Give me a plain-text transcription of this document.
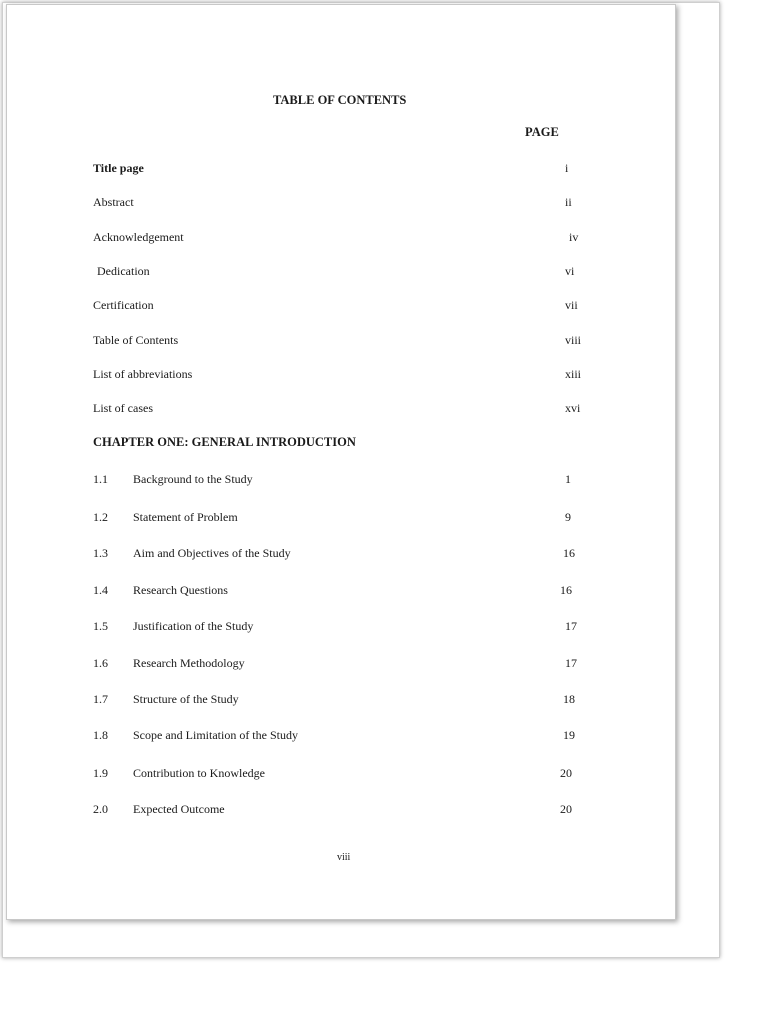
TABLE OF CONTENTS
PAGE
Title page	i
Abstract	ii
Acknowledgement	iv
Dedication	vi
Certification	vii
Table of Contents	viii
List of abbreviations	xiii
List of cases	xvi
CHAPTER ONE: GENERAL INTRODUCTION
1.1 Background to the Study	1
1.2 Statement of Problem	9
1.3 Aim and Objectives of the Study	16
1.4 Research Questions	16
1.5 Justification of the Study	17
1.6 Research Methodology	17
1.7 Structure of the Study	18
1.8 Scope and Limitation of the Study	19
1.9 Contribution to Knowledge	20
2.0 Expected Outcome	20
viii
